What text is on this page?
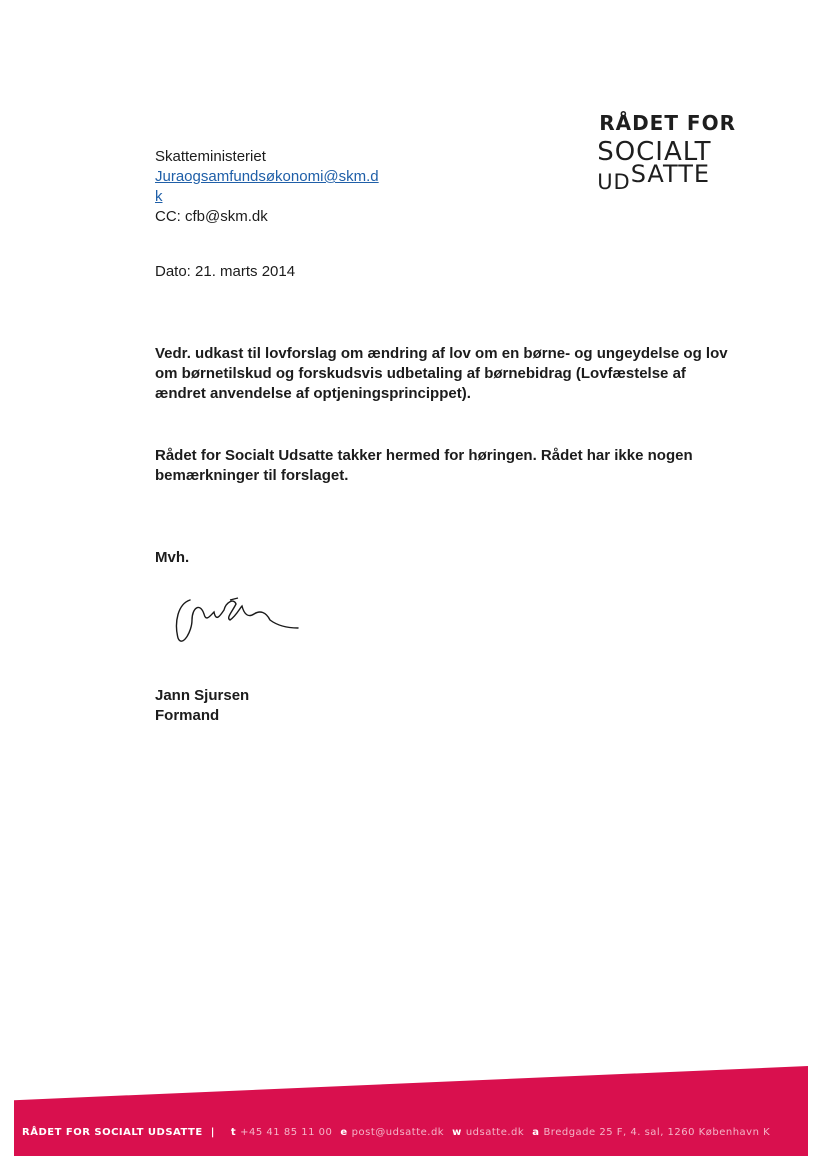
RÅDET FOR
SOCIALT
UDSATTE
Skatteministeriet
Juraogsamfundsøkonomi@skm.dk
CC: cfb@skm.dk
Dato: 21. marts 2014
Vedr. udkast til lovforslag om ændring af lov om en børne- og ungeydelse og lov om børnetilskud og forskudsvis udbetaling af børnebidrag (Lovfæstelse af ændret anvendelse af optjeningsprincippet).
Rådet for Socialt Udsatte takker hermed for høringen. Rådet har ikke nogen bemærkninger til forslaget.
Mvh.
Jann Sjursen
Formand
RÅDET FOR SOCIALT UDSATTE | t +45 41 85 11 00 e post@udsatte.dk w udsatte.dk a Bredgade 25 F, 4. sal, 1260 København K
